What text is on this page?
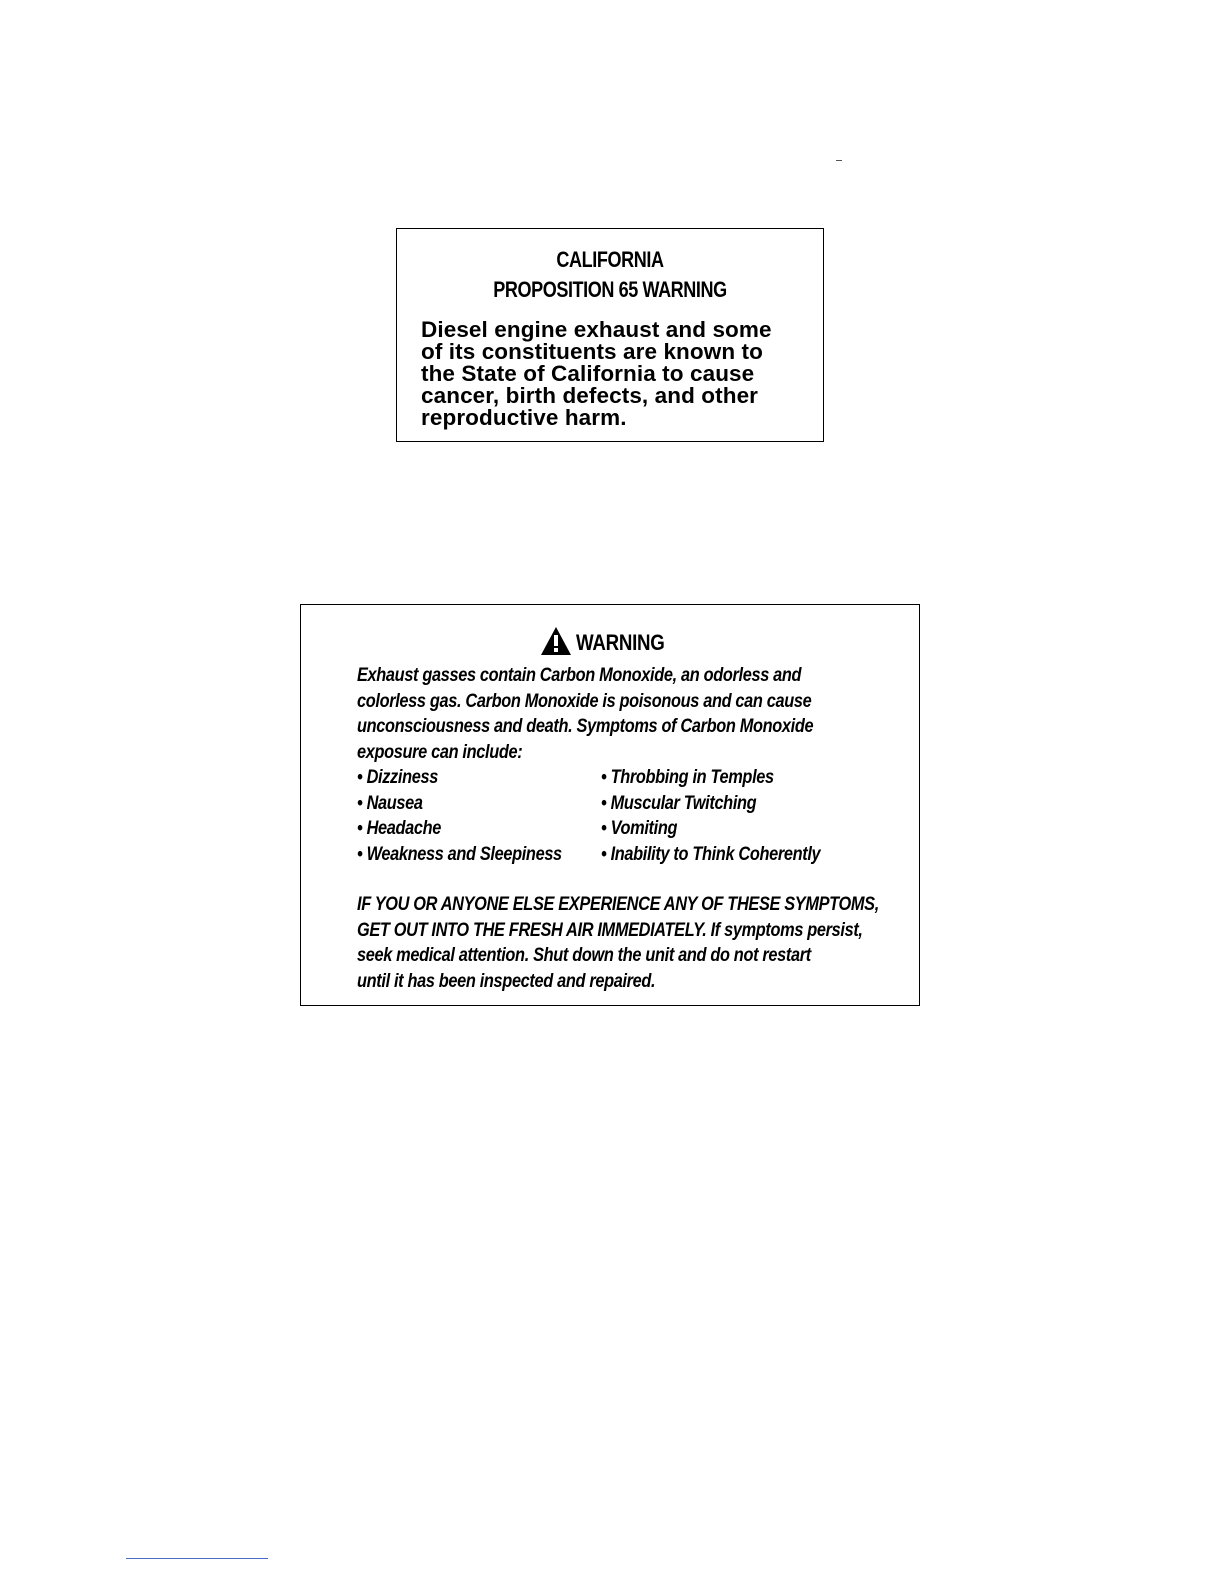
CALIFORNIA
PROPOSITION 65 WARNING
Diesel engine exhaust and some
of its constituents are known to
the State of California to cause
cancer, birth defects, and other
reproductive harm.
WARNING
Exhaust gasses contain Carbon Monoxide, an odorless and
colorless gas. Carbon Monoxide is poisonous and can cause
unconsciousness and death. Symptoms of Carbon Monoxide
exposure can include:
• Dizziness
• Nausea
• Headache
• Weakness and Sleepiness
• Throbbing in Temples
• Muscular Twitching
• Vomiting
• Inability to Think Coherently
IF YOU OR ANYONE ELSE EXPERIENCE ANY OF THESE SYMPTOMS,
GET OUT INTO THE FRESH AIR IMMEDIATELY. If symptoms persist,
seek medical attention. Shut down the unit and do not restart
until it has been inspected and repaired.
